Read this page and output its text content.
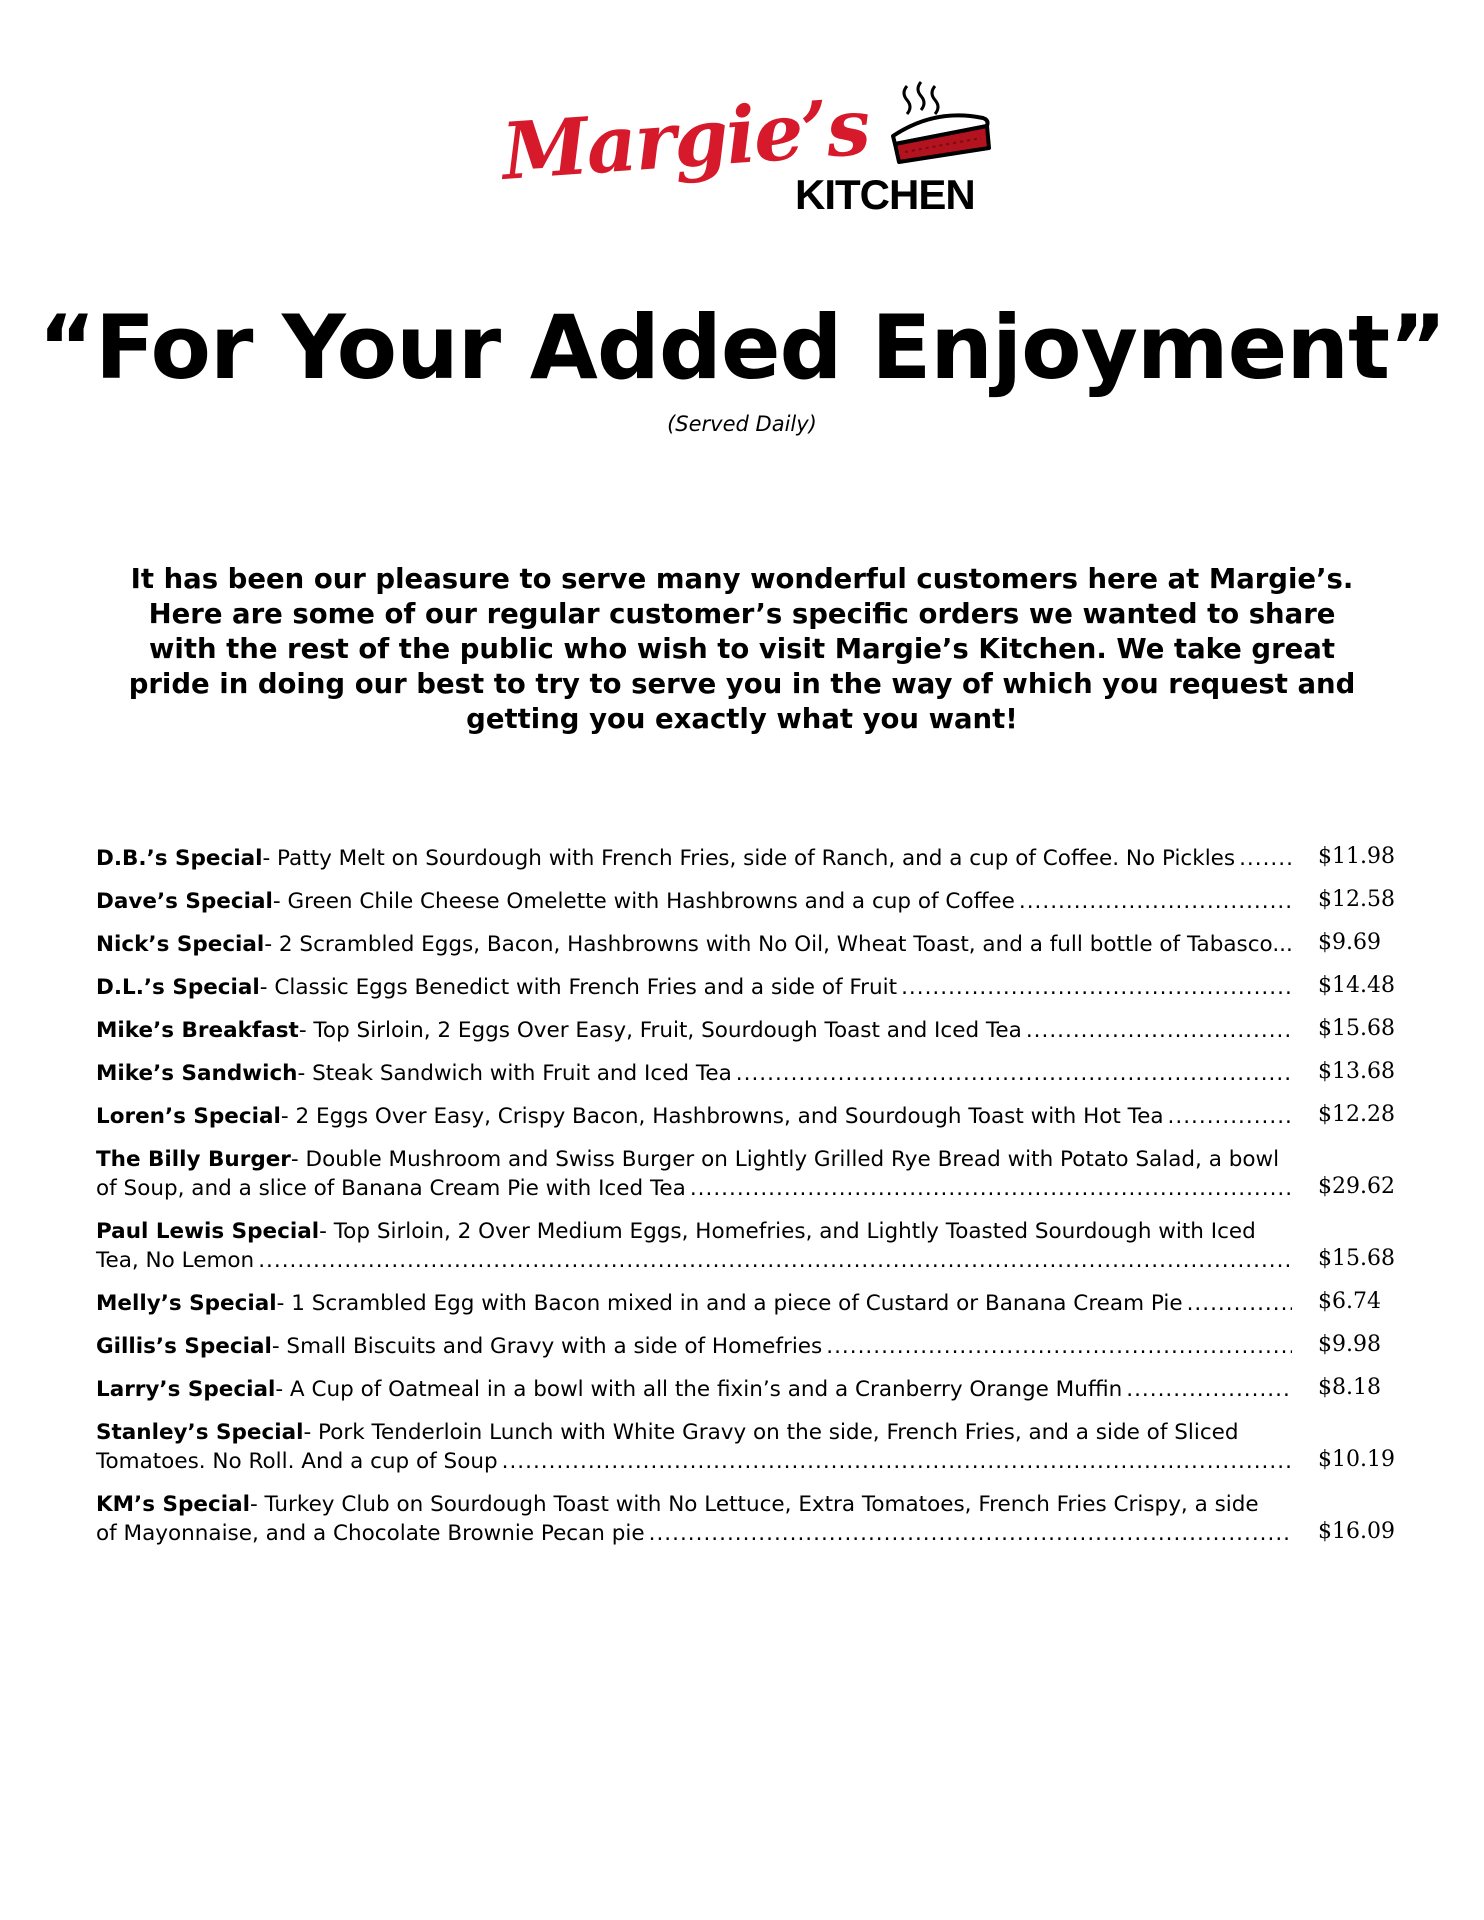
Margie’s
KITCHEN
“For Your Added Enjoyment”
(Served Daily)
It has been our pleasure to serve many wonderful customers here at Margie’s. Here are some of our regular customer’s specific orders we wanted to share with the rest of the public who wish to visit Margie’s Kitchen. We take great pride in doing our best to try to serve you in the way of which you request and getting you exactly what you want!
D.B.’s Special - Patty Melt on Sourdough with French Fries, side of Ranch, and a cup of Coffee. No Pickles .....	$11.98
Dave’s Special - Green Chile Cheese Omelette with Hashbrowns and a cup of Coffee .....	$12.58
Nick’s Special - 2 Scrambled Eggs, Bacon, Hashbrowns with No Oil, Wheat Toast, and a full bottle of Tabasco... $9.69
D.L.’s Special - Classic Eggs Benedict with French Fries and a side of Fruit .....	$14.48
Mike’s Breakfast - Top Sirloin, 2 Eggs Over Easy, Fruit, Sourdough Toast and Iced Tea .....	$15.68
Mike’s Sandwich - Steak Sandwich with Fruit and Iced Tea .....	$13.68
Loren’s Special - 2 Eggs Over Easy, Crispy Bacon, Hashbrowns, and Sourdough Toast with Hot Tea .....	$12.28
The Billy Burger - Double Mushroom and Swiss Burger on Lightly Grilled Rye Bread with Potato Salad, a bowl
of Soup, and a slice of Banana Cream Pie with Iced Tea .....	$29.62
Paul Lewis Special - Top Sirloin, 2 Over Medium Eggs, Homefries, and Lightly Toasted Sourdough with Iced
Tea, No Lemon .....	$15.68
Melly’s Special - 1 Scrambled Egg with Bacon mixed in and a piece of Custard or Banana Cream Pie .....	$6.74
Gillis’s Special - Small Biscuits and Gravy with a side of Homefries .....	$9.98
Larry’s Special - A Cup of Oatmeal in a bowl with all the fixin’s and a Cranberry Orange Muffin .....	$8.18
Stanley’s Special - Pork Tenderloin Lunch with White Gravy on the side, French Fries, and a side of Sliced
Tomatoes. No Roll. And a cup of Soup .....	$10.19
KM’s Special - Turkey Club on Sourdough Toast with No Lettuce, Extra Tomatoes, French Fries Crispy, a side
of Mayonnaise, and a Chocolate Brownie Pecan pie .....	$16.09
